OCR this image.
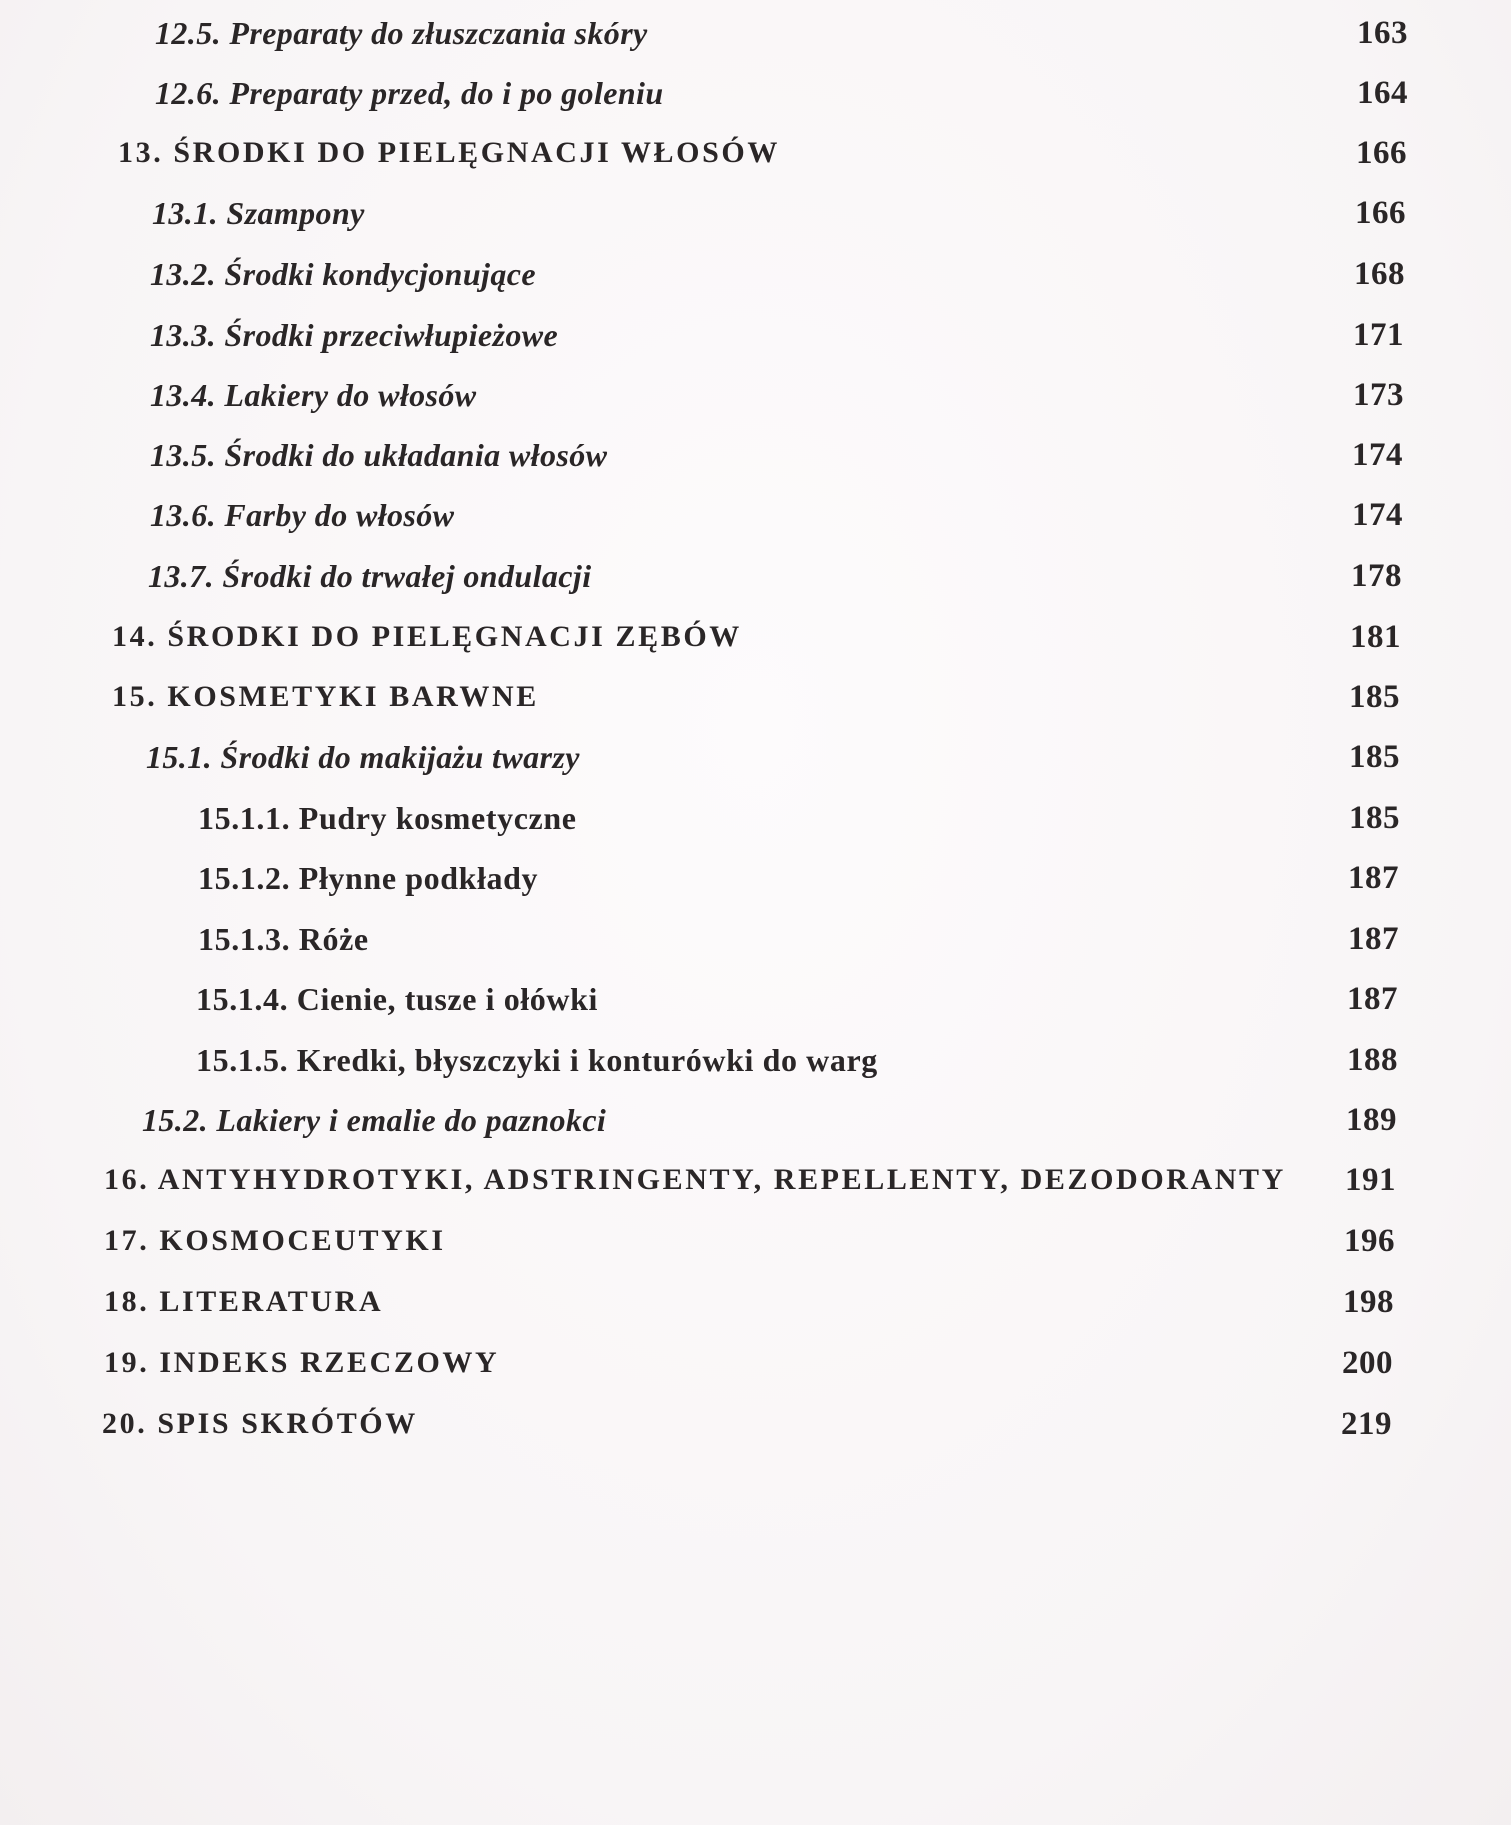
12.5. Preparaty do złuszczania skóry	163
12.6. Preparaty przed, do i po goleniu	164
13. ŚRODKI DO PIELĘGNACJI WŁOSÓW	166
13.1. Szampony	166
13.2. Środki kondycjonujące	168
13.3. Środki przeciwłupieżowe	171
13.4. Lakiery do włosów	173
13.5. Środki do układania włosów	174
13.6. Farby do włosów	174
13.7. Środki do trwałej ondulacji	178
14. ŚRODKI DO PIELĘGNACJI ZĘBÓW	181
15. KOSMETYKI BARWNE	185
15.1. Środki do makijażu twarzy	185
15.1.1. Pudry kosmetyczne	185
15.1.2. Płynne podkłady	187
15.1.3. Róże	187
15.1.4. Cienie, tusze i ołówki	187
15.1.5. Kredki, błyszczyki i konturówki do warg	188
15.2. Lakiery i emalie do paznokci	189
16. ANTYHYDROTYKI, ADSTRINGENTY, REPELLENTY, DEZODORANTY 191
17. KOSMOCEUTYKI	196
18. LITERATURA	198
19. INDEKS RZECZOWY	200
20. SPIS SKRÓTÓW	219
